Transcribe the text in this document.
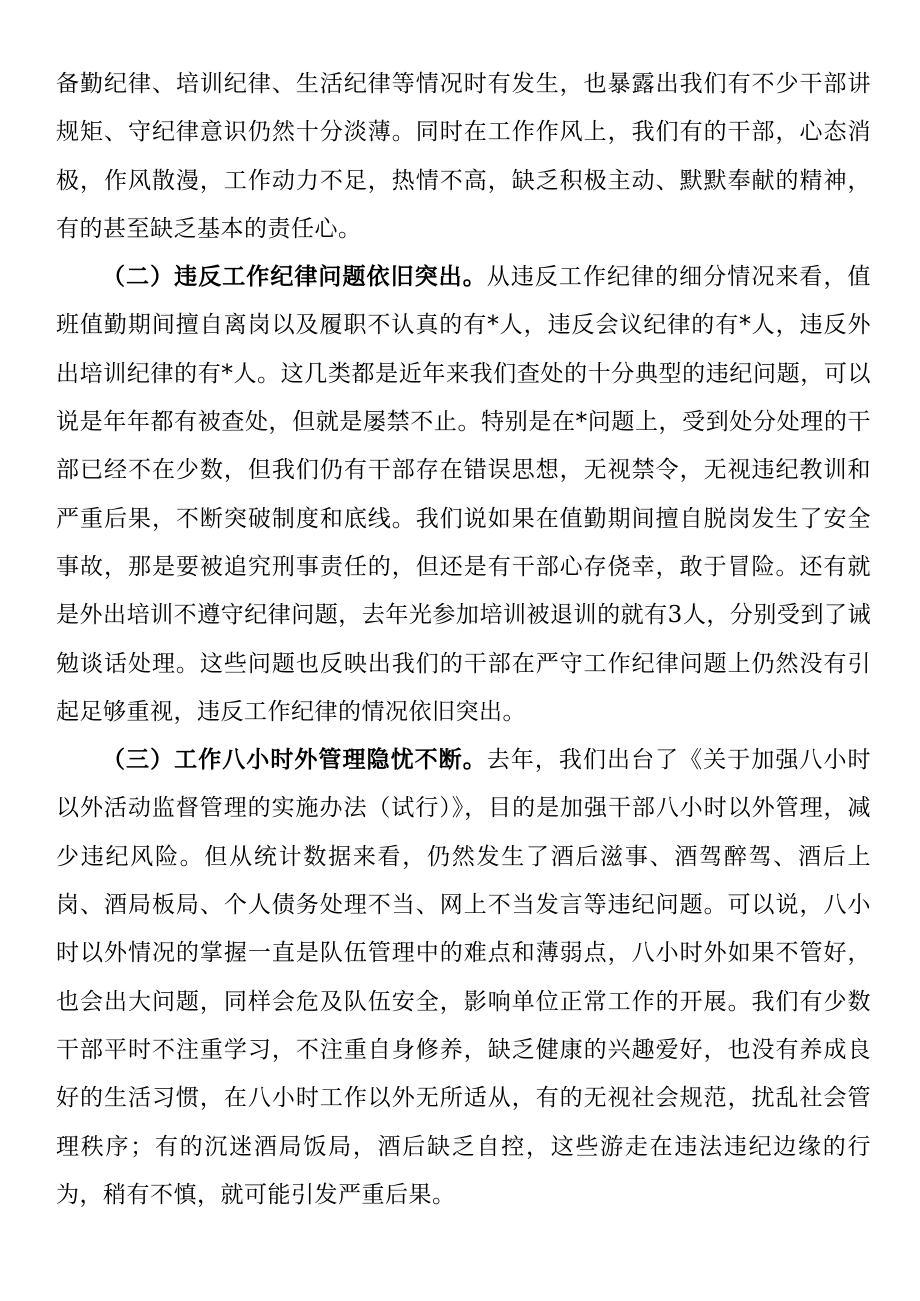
备勤纪律、培训纪律、生活纪律等情况时有发生，也暴露出我们有不少干部讲规矩、守纪律意识仍然十分淡薄。同时在工作作风上，我们有的干部，心态消极，作风散漫，工作动力不足，热情不高，缺乏积极主动、默默奉献的精神，有的甚至缺乏基本的责任心。

（二）违反工作纪律问题依旧突出。从违反工作纪律的细分情况来看，值班值勤期间擅自离岗以及履职不认真的有*人，违反会议纪律的有*人，违反外出培训纪律的有*人。这几类都是近年来我们查处的十分典型的违纪问题，可以说是年年都有被查处，但就是屡禁不止。特别是在*问题上，受到处分处理的干部已经不在少数，但我们仍有干部存在错误思想，无视禁令，无视违纪教训和严重后果，不断突破制度和底线。我们说如果在值勤期间擅自脱岗发生了安全事故，那是要被追究刑事责任的，但还是有干部心存侥幸，敢于冒险。还有就是外出培训不遵守纪律问题，去年光参加培训被退训的就有3人，分别受到了诫勉谈话处理。这些问题也反映出我们的干部在严守工作纪律问题上仍然没有引起足够重视，违反工作纪律的情况依旧突出。

（三）工作八小时外管理隐忧不断。去年，我们出台了《关于加强八小时以外活动监督管理的实施办法（试行）》，目的是加强干部八小时以外管理，减少违纪风险。但从统计数据来看，仍然发生了酒后滋事、酒驾醉驾、酒后上岗、酒局板局、个人债务处理不当、网上不当发言等违纪问题。可以说，八小时以外情况的掌握一直是队伍管理中的难点和薄弱点，八小时外如果不管好，也会出大问题，同样会危及队伍安全，影响单位正常工作的开展。我们有少数干部平时不注重学习，不注重自身修养，缺乏健康的兴趣爱好，也没有养成良好的生活习惯，在八小时工作以外无所适从，有的无视社会规范，扰乱社会管理秩序；有的沉迷酒局饭局，酒后缺乏自控，这些游走在违法违纪边缘的行为，稍有不慎，就可能引发严重后果。
